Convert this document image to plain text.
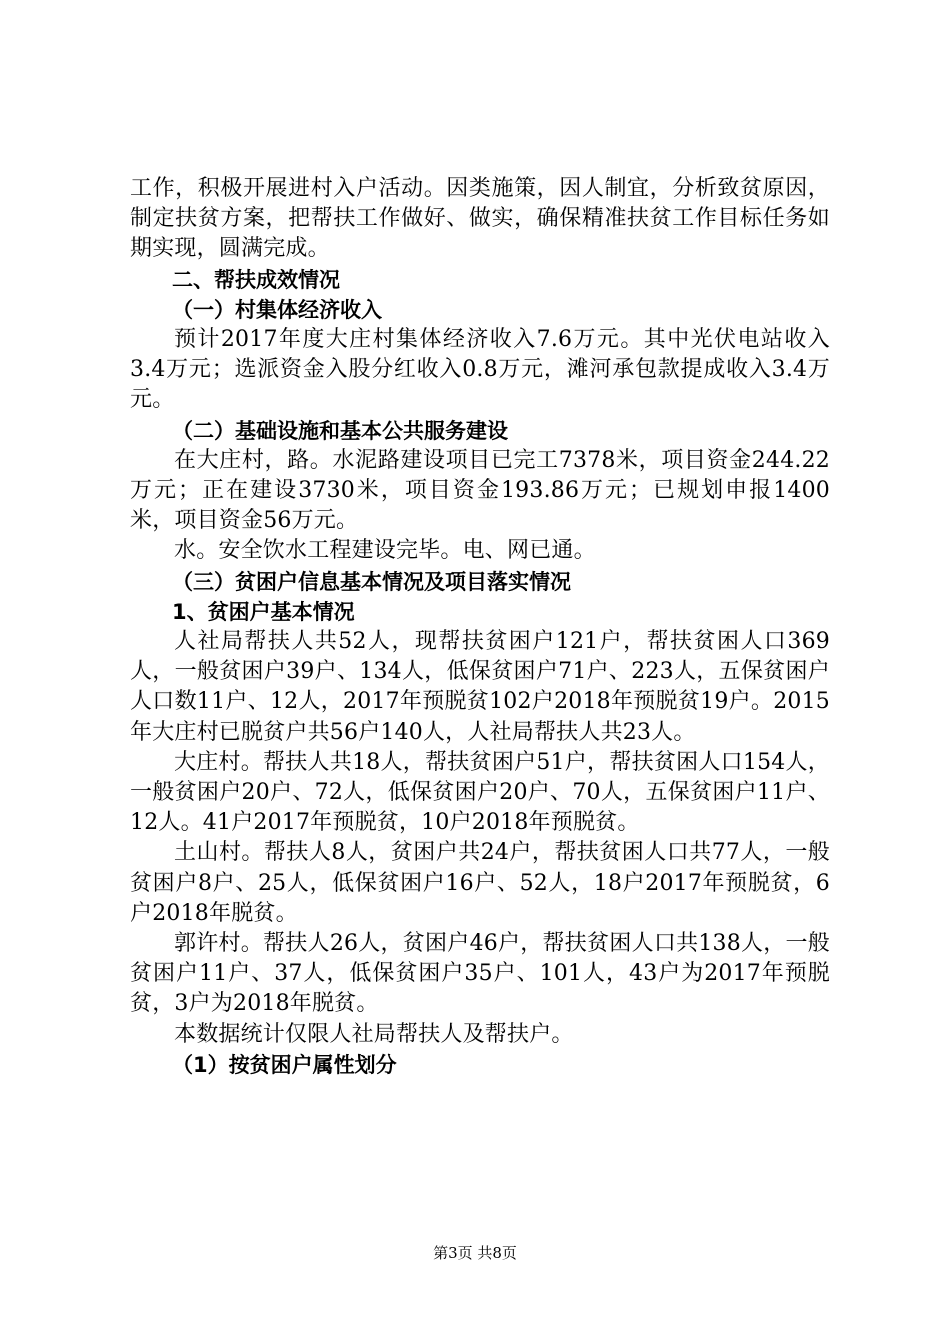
工作，积极开展进村入户活动。因类施策，因人制宜，分析致贫原因，制定扶贫方案，把帮扶工作做好、做实，确保精准扶贫工作目标任务如期实现，圆满完成。

二、帮扶成效情况

（一）村集体经济收入

预计2017年度大庄村集体经济收入7.6万元。其中光伏电站收入3.4万元；选派资金入股分红收入0.8万元，滩河承包款提成收入3.4万元。

（二）基础设施和基本公共服务建设

在大庄村，路。水泥路建设项目已完工7378米，项目资金244.22万元；正在建设3730米，项目资金193.86万元；已规划申报1400米，项目资金56万元。

水。安全饮水工程建设完毕。电、网已通。

（三）贫困户信息基本情况及项目落实情况

1、贫困户基本情况

人社局帮扶人共52人，现帮扶贫困户121户，帮扶贫困人口369人，一般贫困户39户、134人，低保贫困户71户、223人，五保贫困户人口数11户、12人，2017年预脱贫102户2018年预脱贫19户。2015年大庄村已脱贫户共56户140人，人社局帮扶人共23人。

大庄村。帮扶人共18人，帮扶贫困户51户，帮扶贫困人口154人，一般贫困户20户、72人，低保贫困户20户、70人，五保贫困户11户、12人。41户2017年预脱贫，10户2018年预脱贫。

土山村。帮扶人8人，贫困户共24户，帮扶贫困人口共77人，一般贫困户8户、25人，低保贫困户16户、52人，18户2017年预脱贫，6户2018年脱贫。

郭许村。帮扶人26人，贫困户46户，帮扶贫困人口共138人，一般贫困户11户、37人，低保贫困户35户、101人，43户为2017年预脱贫，3户为2018年脱贫。

本数据统计仅限人社局帮扶人及帮扶户。

（1）按贫困户属性划分

第3页 共8页
